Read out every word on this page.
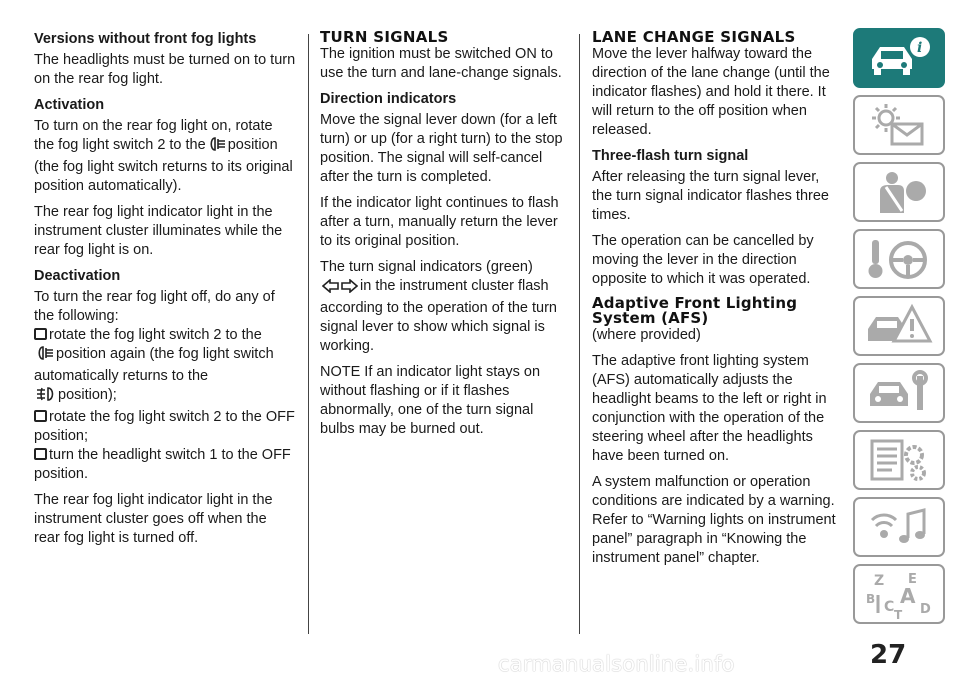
Versions without front fog lights

The headlights must be turned on to turn on the rear fog light.

Activation

To turn on the rear fog light on, rotate the fog light switch 2 to the position (the fog light switch returns to its original position automatically).

The rear fog light indicator light in the instrument cluster illuminates while the rear fog light is on.

Deactivation

To turn the rear fog light off, do any of the following:

rotate the fog light switch 2 to the
position again (the fog light switch automatically returns to the
position);
rotate the fog light switch 2 to the OFF position;
turn the headlight switch 1 to the OFF position.

The rear fog light indicator light in the instrument cluster goes off when the rear fog light is turned off.

TURN SIGNALS

The ignition must be switched ON to use the turn and lane-change signals.

Direction indicators

Move the signal lever down (for a left turn) or up (for a right turn) to the stop position. The signal will self-cancel after the turn is completed.

If the indicator light continues to flash after a turn, manually return the lever to its original position.

The turn signal indicators (green)
in the instrument cluster flash according to the operation of the turn signal lever to show which signal is working.

NOTE If an indicator light stays on without flashing or if it flashes abnormally, one of the turn signal bulbs may be burned out.

LANE CHANGE SIGNALS

Move the lever halfway toward the direction of the lane change (until the indicator flashes) and hold it there. It will return to the off position when released.

Three-flash turn signal

After releasing the turn signal lever, the turn signal indicator flashes three times.

The operation can be cancelled by moving the lever in the direction opposite to which it was operated.

Adaptive Front Lighting
System (AFS)
(where provided)

The adaptive front lighting system (AFS) automatically adjusts the headlight beams to the left or right in conjunction with the operation of the steering wheel after the headlights have been turned on.

A system malfunction or operation conditions are indicated by a warning. Refer to “Warning lights on instrument panel” paragraph in “Knowing the instrument panel” chapter.

i
Z E
B A
C D
T
27
carmanualsonline.info
